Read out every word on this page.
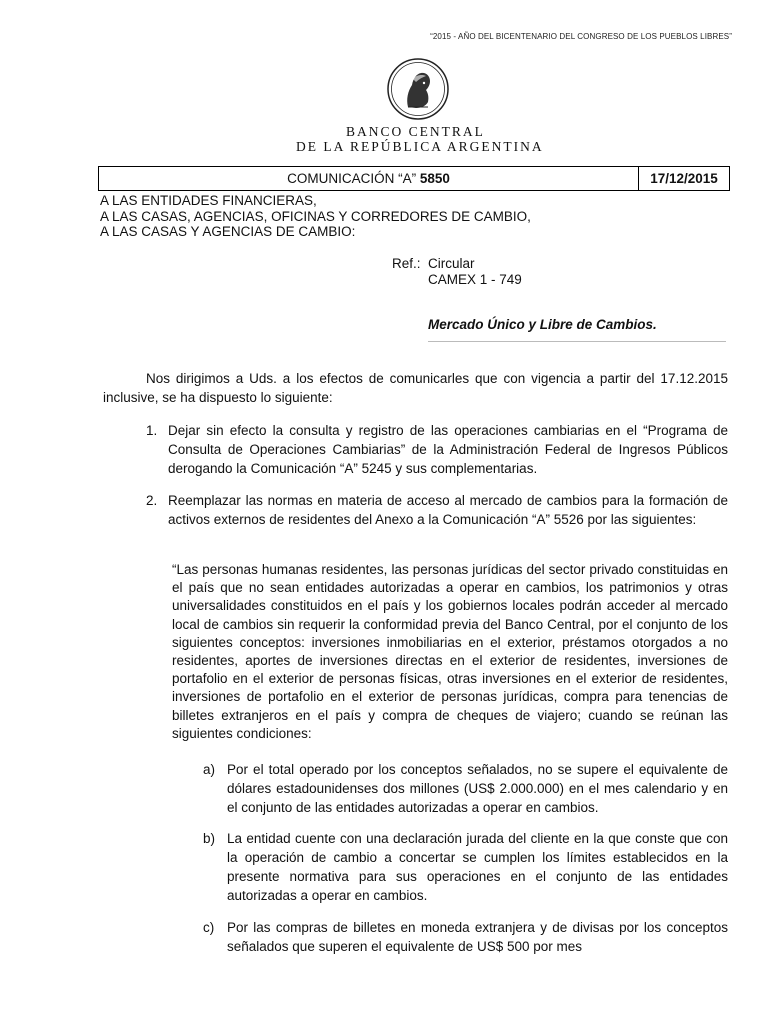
“2015 - AÑO DEL BICENTENARIO DEL CONGRESO DE LOS PUEBLOS LIBRES”
BANCO CENTRAL
DE LA REPÚBLICA ARGENTINA
COMUNICACIÓN “A” 5850	17/12/2015
A LAS ENTIDADES FINANCIERAS,
A LAS CASAS, AGENCIAS, OFICINAS Y CORREDORES DE CAMBIO,
A LAS CASAS Y AGENCIAS DE CAMBIO:
Ref.: Circular
CAMEX 1 - 749
Mercado Único y Libre de Cambios.
Nos dirigimos a Uds. a los efectos de comunicarles que con vigencia a partir del 17.12.2015 inclusive, se ha dispuesto lo siguiente:
1. Dejar sin efecto la consulta y registro de las operaciones cambiarias en el “Programa de Consulta de Operaciones Cambiarias” de la Administración Federal de Ingresos Públicos derogando la Comunicación “A” 5245 y sus complementarias.
2. Reemplazar las normas en materia de acceso al mercado de cambios para la formación de activos externos de residentes del Anexo a la Comunicación “A” 5526 por las siguientes:
“Las personas humanas residentes, las personas jurídicas del sector privado constituidas en el país que no sean entidades autorizadas a operar en cambios, los patrimonios y otras universalidades constituidos en el país y los gobiernos locales podrán acceder al mercado local de cambios sin requerir la conformidad previa del Banco Central, por el conjunto de los siguientes conceptos: inversiones inmobiliarias en el exterior, préstamos otorgados a no residentes, aportes de inversiones directas en el exterior de residentes, inversiones de portafolio en el exterior de personas físicas, otras inversiones en el exterior de residentes, inversiones de portafolio en el exterior de personas jurídicas, compra para tenencias de billetes extranjeros en el país y compra de cheques de viajero; cuando se reúnan las siguientes condiciones:
a) Por el total operado por los conceptos señalados, no se supere el equivalente de dólares estadounidenses dos millones (US$ 2.000.000) en el mes calendario y en el conjunto de las entidades autorizadas a operar en cambios.
b) La entidad cuente con una declaración jurada del cliente en la que conste que con la operación de cambio a concertar se cumplen los límites establecidos en la presente normativa para sus operaciones en el conjunto de las entidades autorizadas a operar en cambios.
c) Por las compras de billetes en moneda extranjera y de divisas por los conceptos señalados que superen el equivalente de US$ 500 por mes
